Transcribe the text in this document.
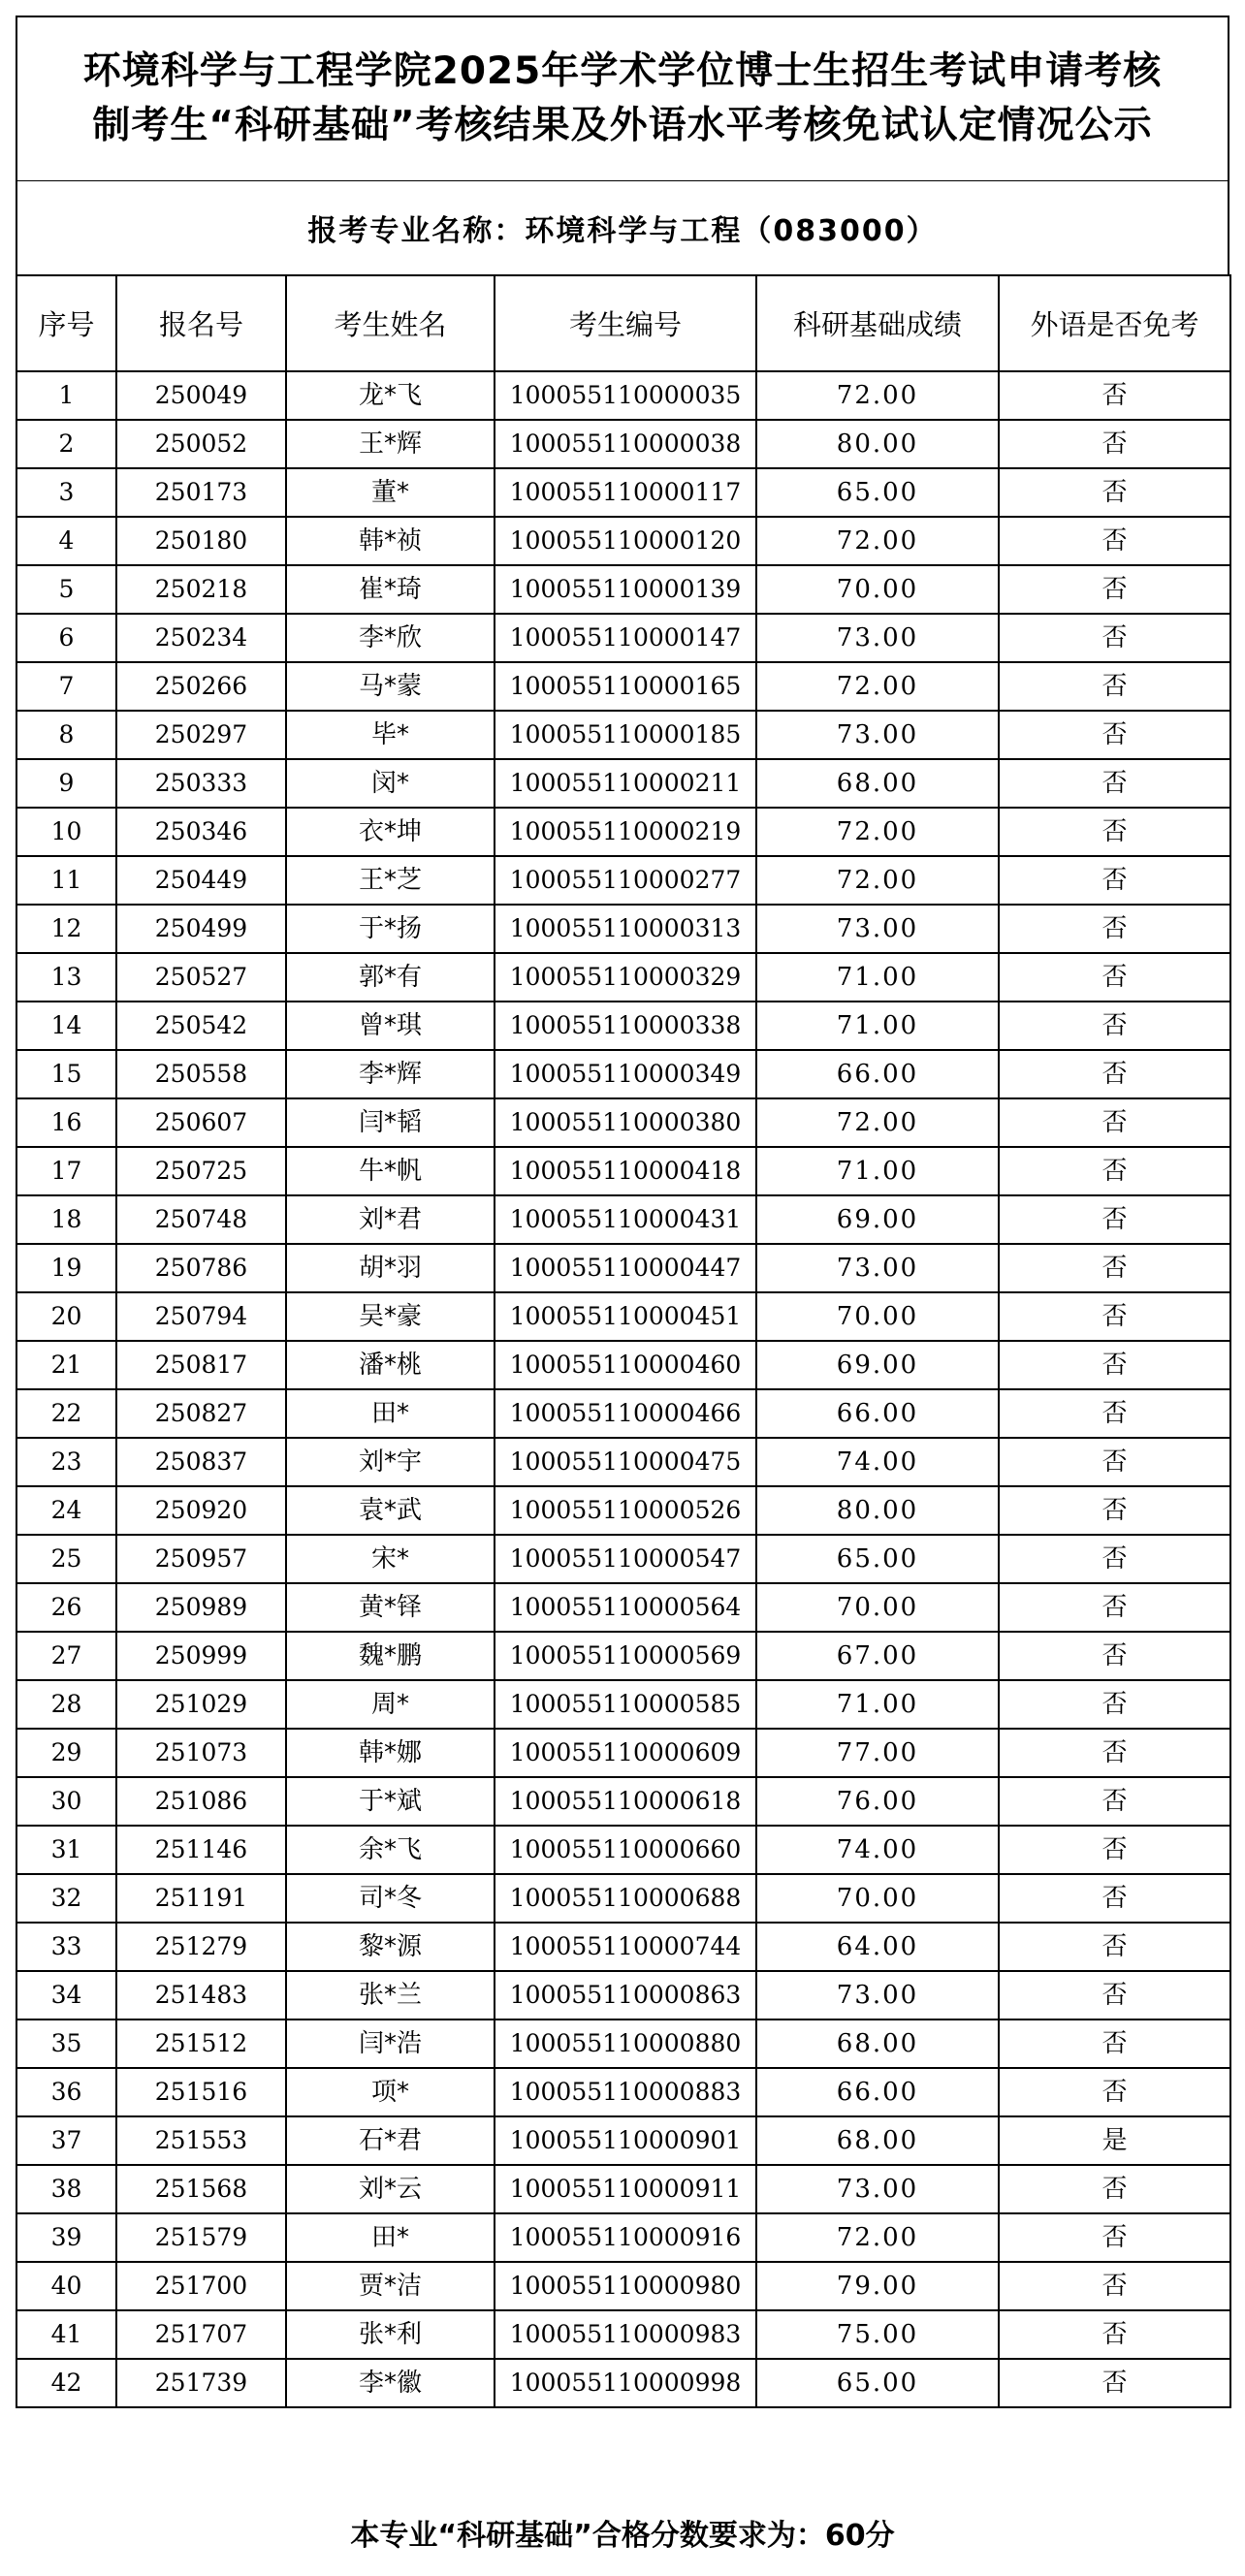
环境科学与工程学院2025年学术学位博士生招生考试申请考核
制考生“科研基础”考核结果及外语水平考核免试认定情况公示
报考专业名称：环境科学与工程（083000）
序号	报名号	考生姓名	考生编号	科研基础成绩	外语是否免考
1	250049	龙*飞	100055110000035	72.00	否
2	250052	王*辉	100055110000038	80.00	否
3	250173	董*	100055110000117	65.00	否
4	250180	韩*祯	100055110000120	72.00	否
5	250218	崔*琦	100055110000139	70.00	否
6	250234	李*欣	100055110000147	73.00	否
7	250266	马*蒙	100055110000165	72.00	否
8	250297	毕*	100055110000185	73.00	否
9	250333	闵*	100055110000211	68.00	否
10	250346	衣*坤	100055110000219	72.00	否
11	250449	王*芝	100055110000277	72.00	否
12	250499	于*扬	100055110000313	73.00	否
13	250527	郭*有	100055110000329	71.00	否
14	250542	曾*琪	100055110000338	71.00	否
15	250558	李*辉	100055110000349	66.00	否
16	250607	闫*韬	100055110000380	72.00	否
17	250725	牛*帆	100055110000418	71.00	否
18	250748	刘*君	100055110000431	69.00	否
19	250786	胡*羽	100055110000447	73.00	否
20	250794	吴*豪	100055110000451	70.00	否
21	250817	潘*桃	100055110000460	69.00	否
22	250827	田*	100055110000466	66.00	否
23	250837	刘*宇	100055110000475	74.00	否
24	250920	袁*武	100055110000526	80.00	否
25	250957	宋*	100055110000547	65.00	否
26	250989	黄*铎	100055110000564	70.00	否
27	250999	魏*鹏	100055110000569	67.00	否
28	251029	周*	100055110000585	71.00	否
29	251073	韩*娜	100055110000609	77.00	否
30	251086	于*斌	100055110000618	76.00	否
31	251146	余*飞	100055110000660	74.00	否
32	251191	司*冬	100055110000688	70.00	否
33	251279	黎*源	100055110000744	64.00	否
34	251483	张*兰	100055110000863	73.00	否
35	251512	闫*浩	100055110000880	68.00	否
36	251516	项*	100055110000883	66.00	否
37	251553	石*君	100055110000901	68.00	是
38	251568	刘*云	100055110000911	73.00	否
39	251579	田*	100055110000916	72.00	否
40	251700	贾*洁	100055110000980	79.00	否
41	251707	张*利	100055110000983	75.00	否
42	251739	李*徽	100055110000998	65.00	否
本专业“科研基础”合格分数要求为：60分
